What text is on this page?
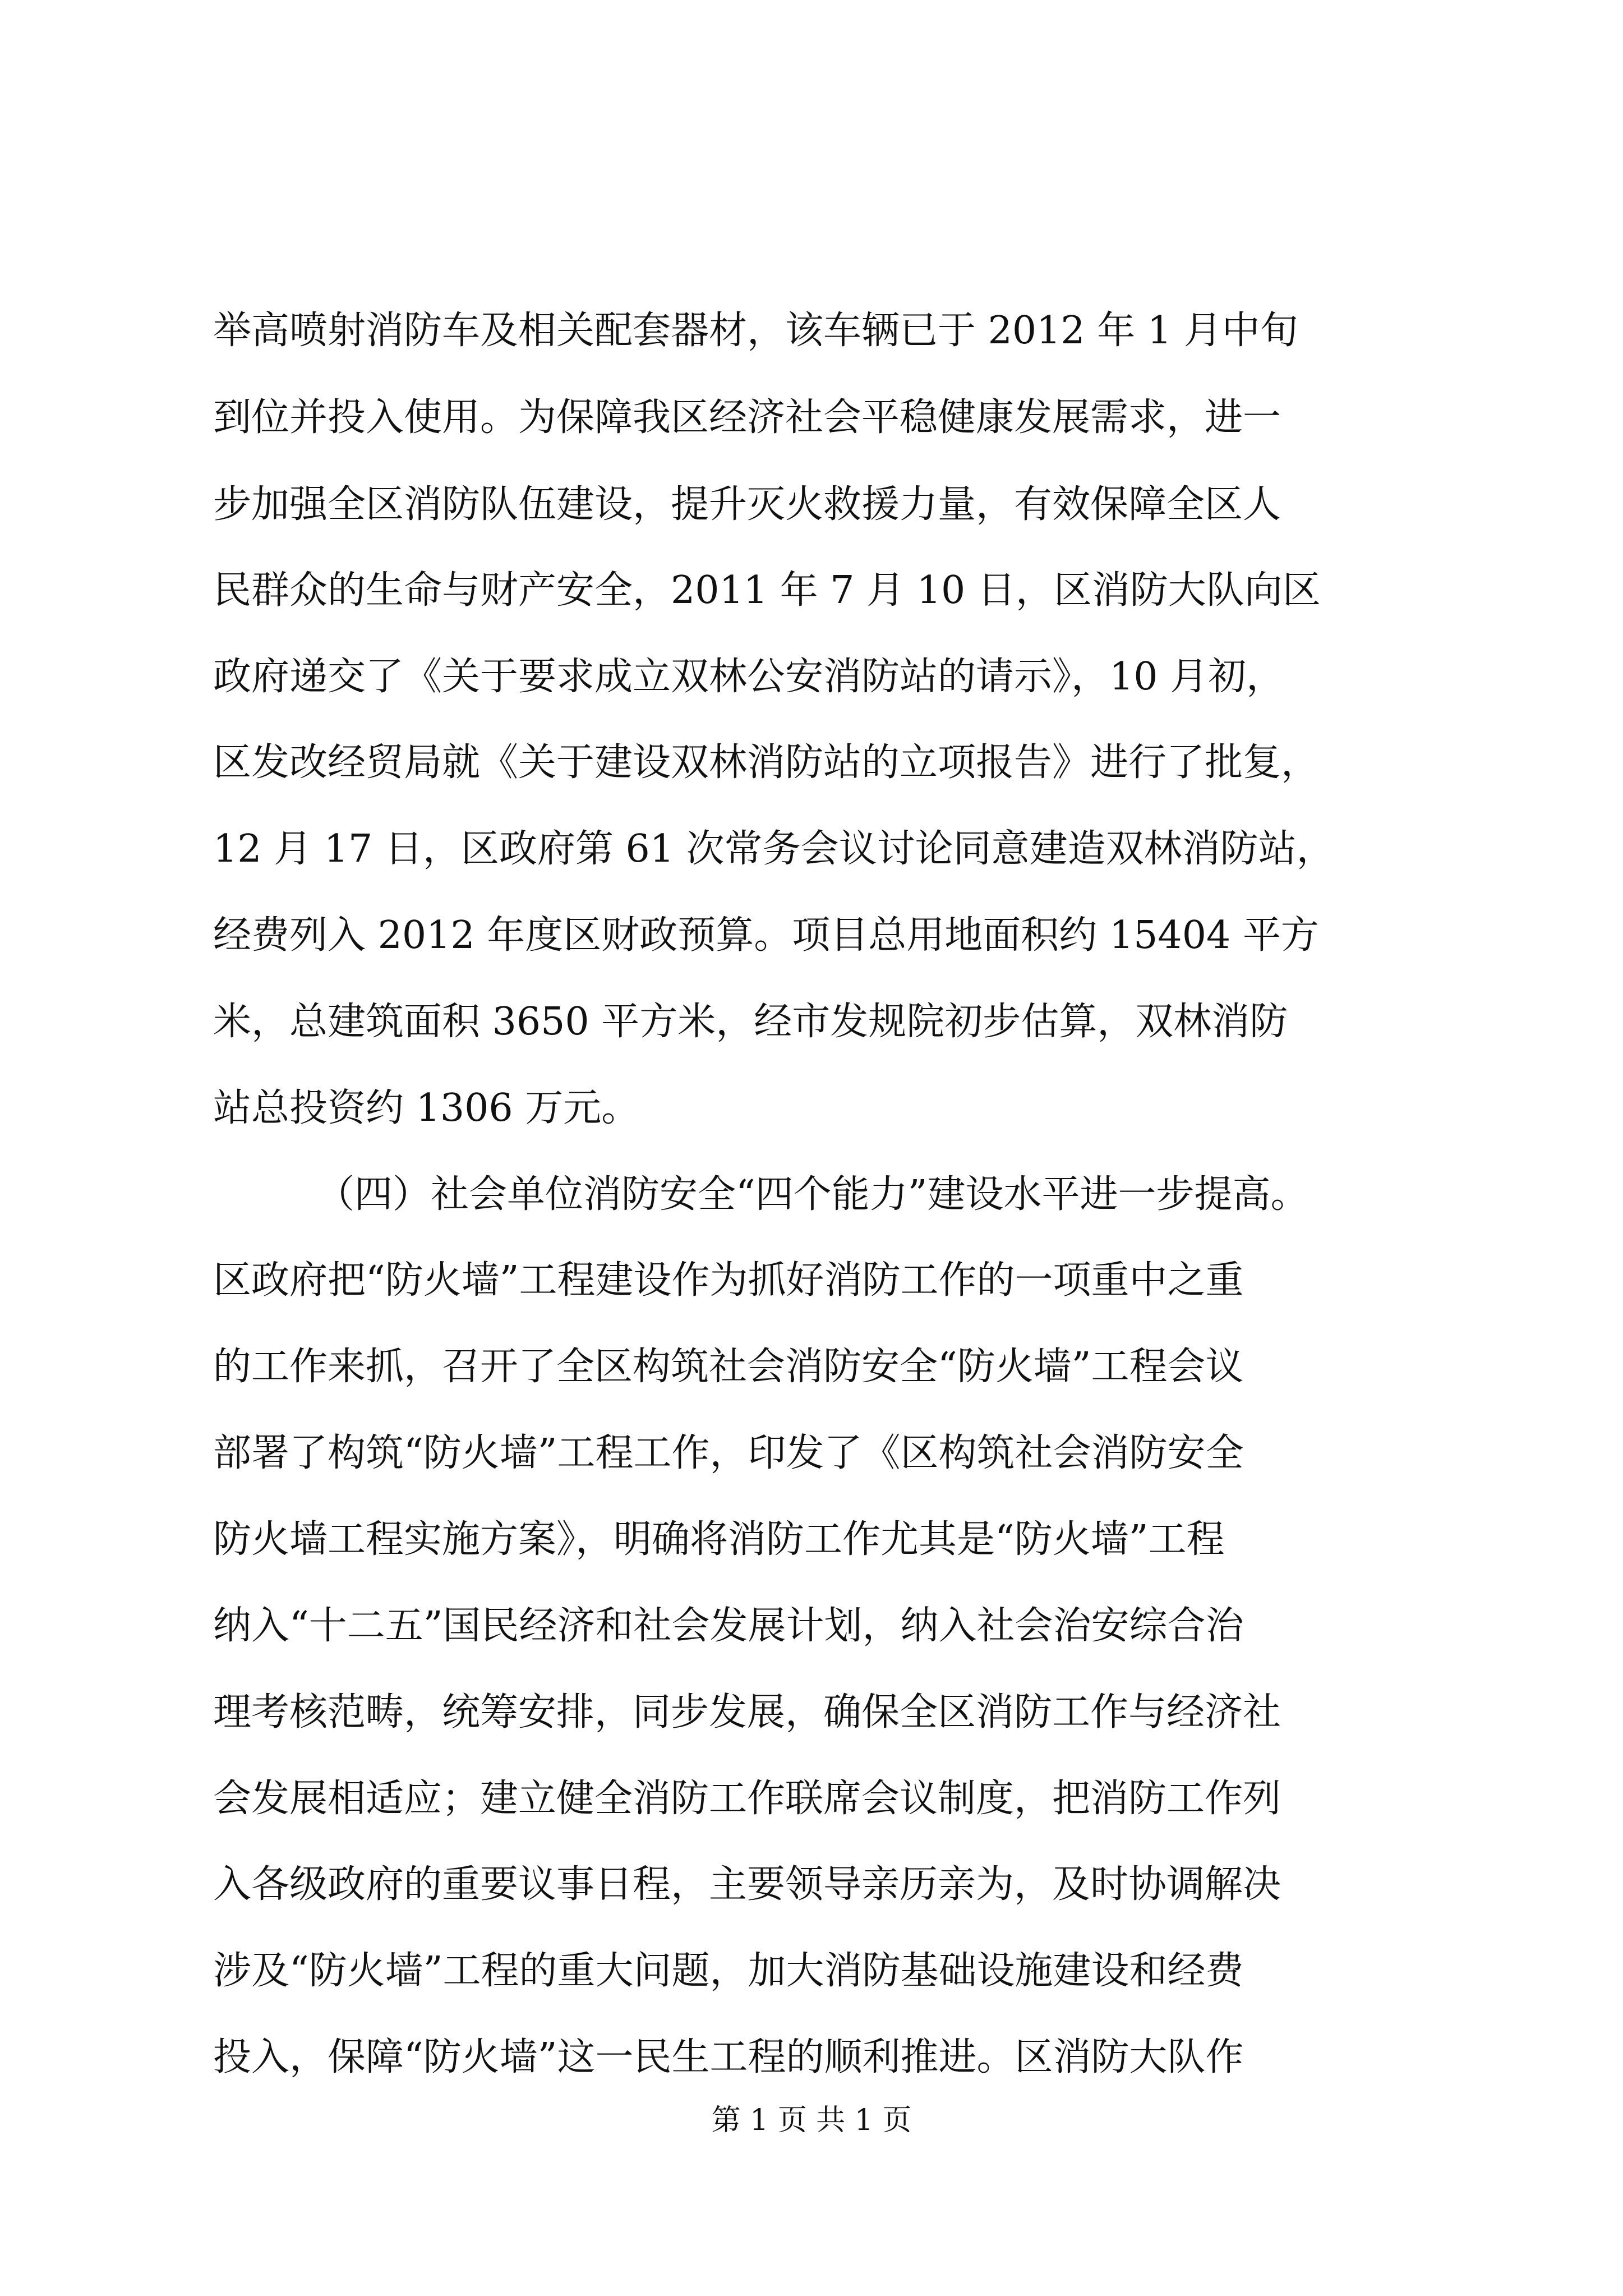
举高喷射消防车及相关配套器材，该车辆已于 2012 年 1 月中旬
到位并投入使用。为保障我区经济社会平稳健康发展需求，进一
步加强全区消防队伍建设，提升灭火救援力量，有效保障全区人
民群众的生命与财产安全，2011 年 7 月 10 日，区消防大队向区
政府递交了《关于要求成立双林公安消防站的请示》，10 月初，
区发改经贸局就《关于建设双林消防站的立项报告》进行了批复，
12 月 17 日，区政府第 61 次常务会议讨论同意建造双林消防站，
经费列入 2012 年度区财政预算。项目总用地面积约 15404 平方
米，总建筑面积 3650 平方米，经市发规院初步估算，双林消防
站总投资约 1306 万元。
（四）社会单位消防安全“四个能力”建设水平进一步提高。
区政府把“防火墙”工程建设作为抓好消防工作的一项重中之重
的工作来抓，召开了全区构筑社会消防安全“防火墙”工程会议
部署了构筑“防火墙”工程工作，印发了《区构筑社会消防安全
防火墙工程实施方案》，明确将消防工作尤其是“防火墙”工程
纳入“十二五”国民经济和社会发展计划，纳入社会治安综合治
理考核范畴，统筹安排，同步发展，确保全区消防工作与经济社
会发展相适应；建立健全消防工作联席会议制度，把消防工作列
入各级政府的重要议事日程，主要领导亲历亲为，及时协调解决
涉及“防火墙”工程的重大问题，加大消防基础设施建设和经费
投入，保障“防火墙”这一民生工程的顺利推进。区消防大队作
第 1 页 共 1 页
